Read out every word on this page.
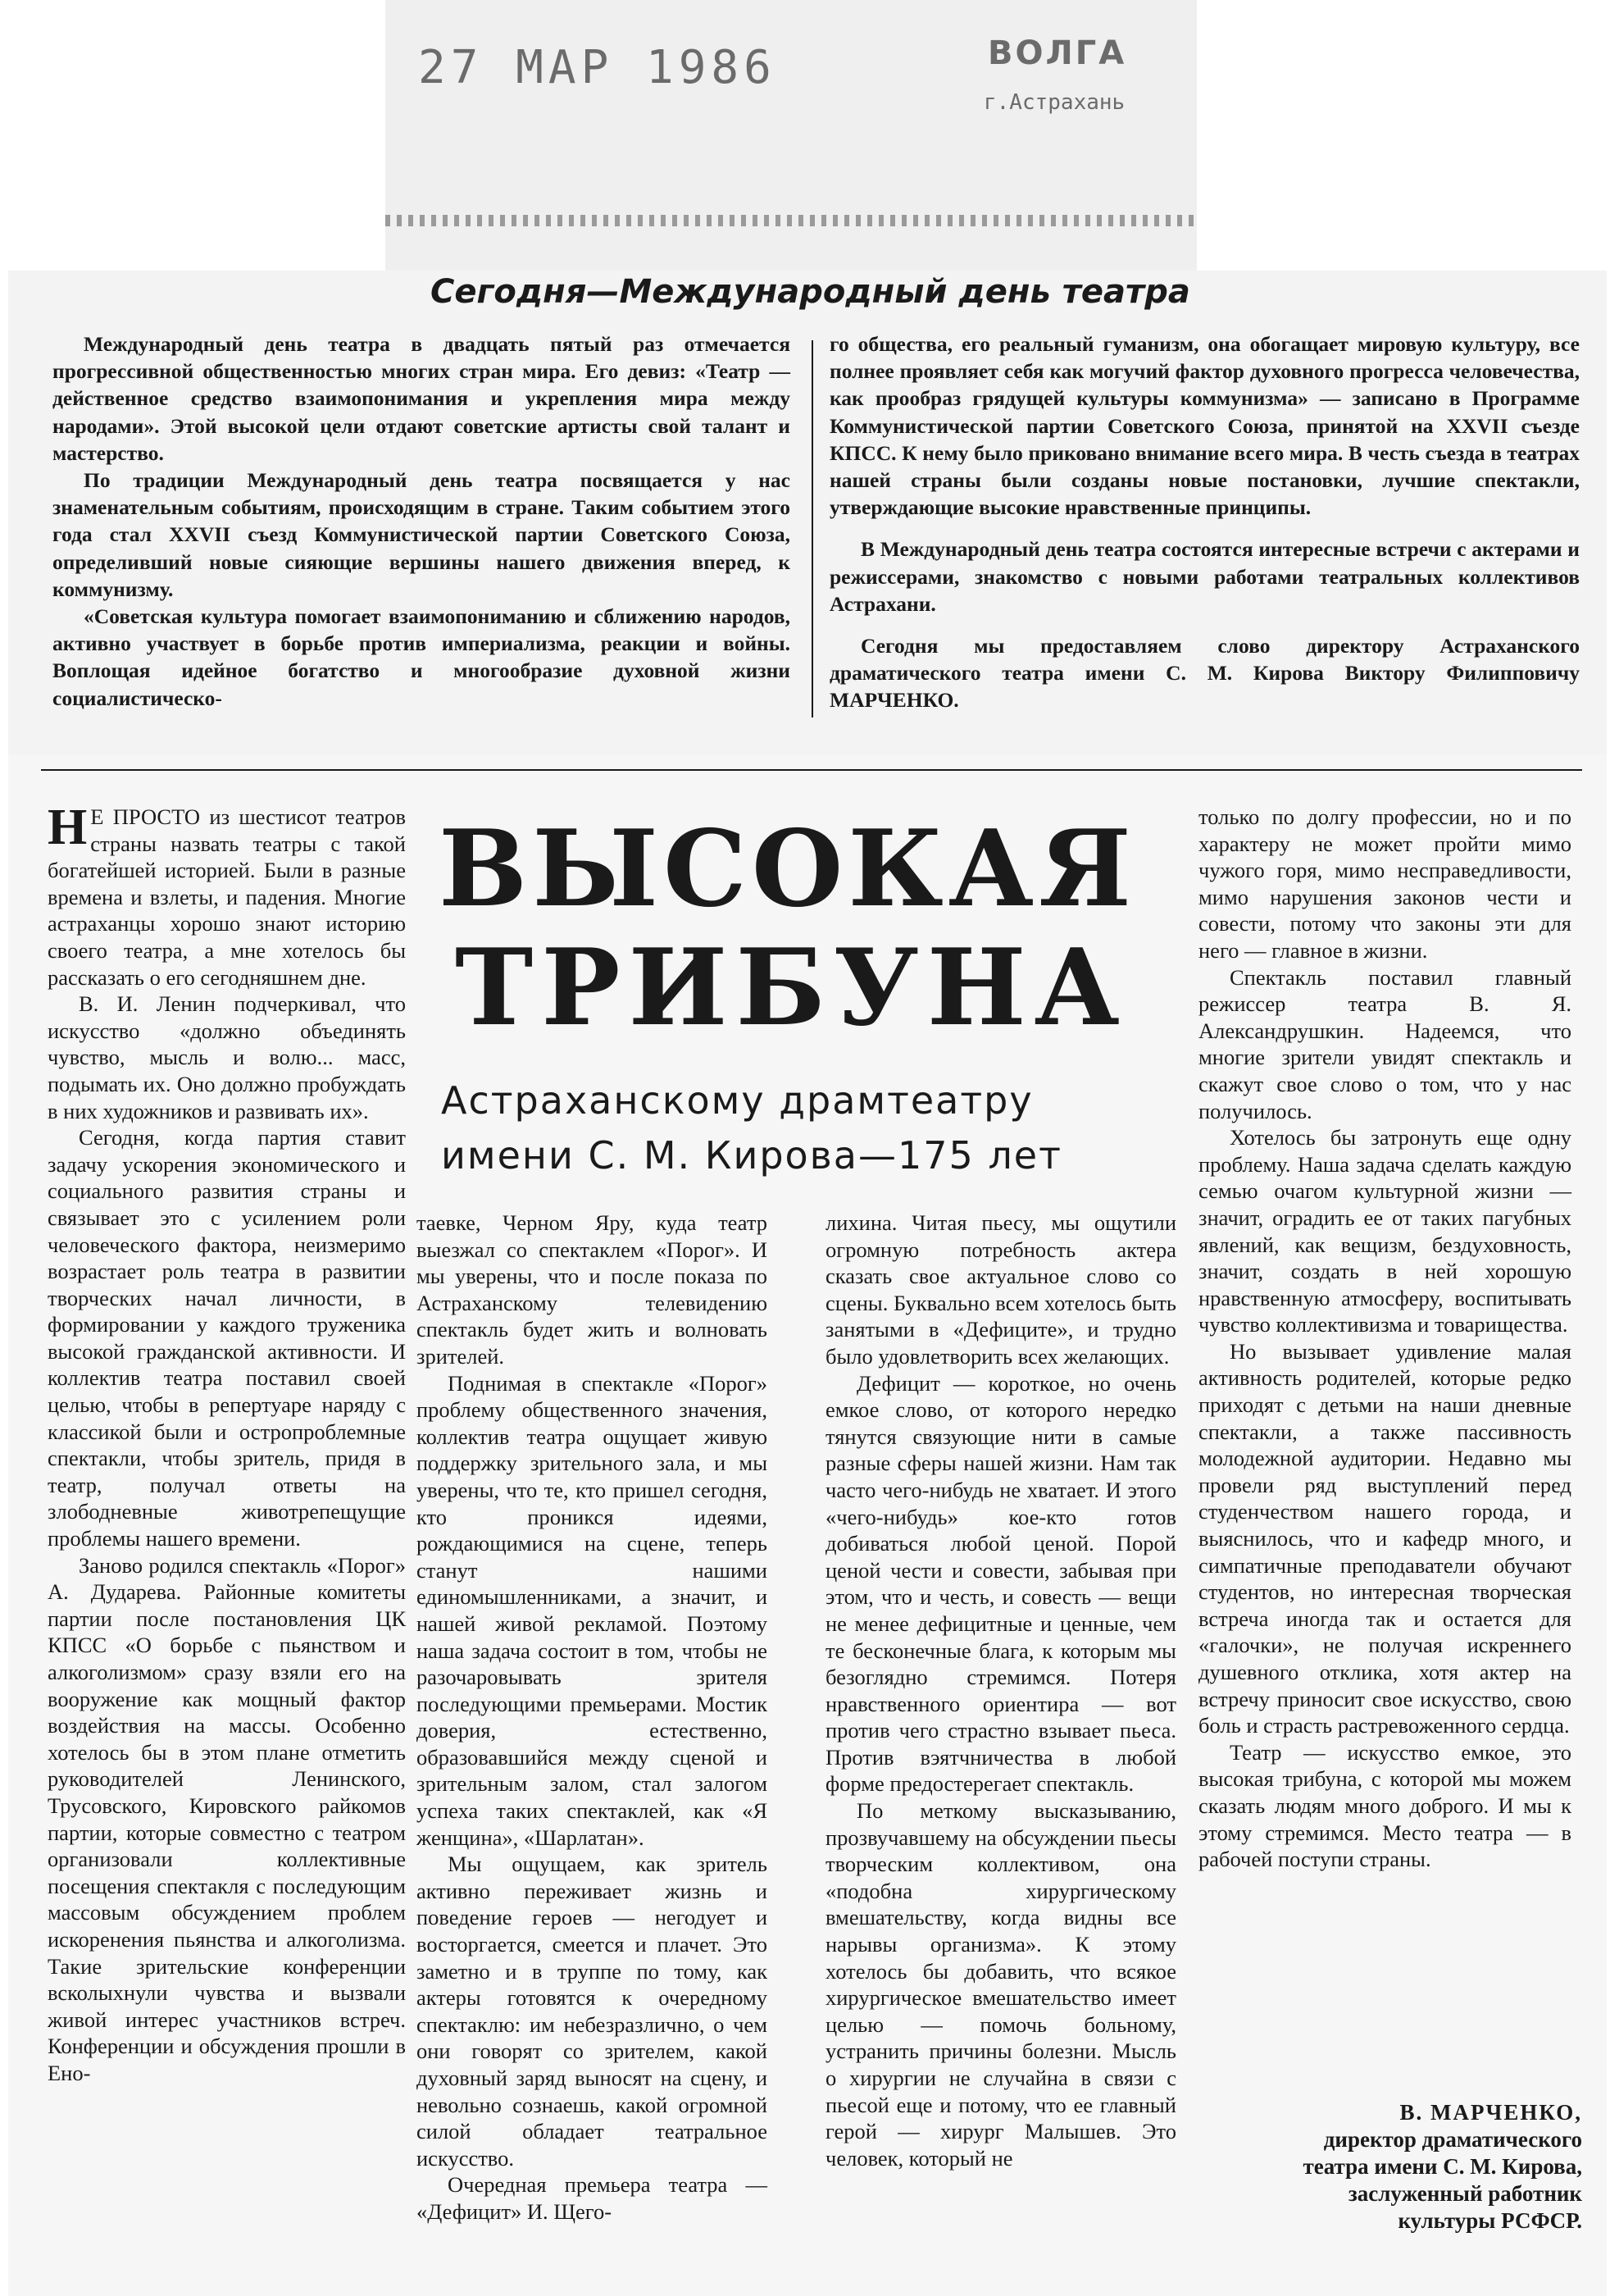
27 МАР 1986	ВОЛГА
г.Астрахань
Сегодня—Международный день театра

Международный день театра в двадцать пятый раз отмечается прогрессивной общественностью многих стран мира. Его девиз: «Театр — действенное средство взаимопонимания и укрепления мира между народами». Этой высокой цели отдают советские артисты свой талант и мастерство.

По традиции Международный день театра посвящается у нас знаменательным событиям, происходящим в стране. Таким событием этого года стал XXVII съезд Коммунистической партии Советского Союза, определивший новые сияющие вершины нашего движения вперед, к коммунизму.

«Советская культура помогает взаимопониманию и сближению народов, активно участвует в борьбе против империализма, реакции и войны. Воплощая идейное богатство и многообразие духовной жизни социалистическо-

го общества, его реальный гуманизм, она обогащает мировую культуру, все полнее проявляет себя как могучий фактор духовного прогресса человечества, как прообраз грядущей культуры коммунизма» — записано в Программе Коммунистической партии Советского Союза, принятой на XXVII съезде КПСС. К нему было приковано внимание всего мира. В честь съезда в театрах нашей страны были созданы новые постановки, лучшие спектакли, утверждающие высокие нравственные принципы.

В Международный день театра состоятся интересные встречи с актерами и режиссерами, знакомство с новыми работами театральных коллективов Астрахани.

Сегодня мы предоставляем слово директору Астраханского драматического театра имени С. М. Кирова Виктору Филипповичу МАРЧЕНКО.

ВЫСОКАЯ
ТРИБУНА
Астраханскому драмтеатру
имени С. М. Кирова—175 лет

Н Е ПРОСТО из шестисот театров страны назвать театры с такой богатейшей историей. Были в разные времена и взлеты, и падения. Многие астраханцы хорошо знают историю своего театра, а мне хотелось бы рассказать о его сегодняшнем дне.

В. И. Ленин подчеркивал, что искусство «должно объединять чувство, мысль и волю... масс, подымать их. Оно должно пробуждать в них художников и развивать их».

Сегодня, когда партия ставит задачу ускорения экономического и социального развития страны и связывает это с усилением роли человеческого фактора, неизмеримо возрастает роль театра в развитии творческих начал личности, в формировании у каждого труженика высокой гражданской активности. И коллектив театра поставил своей целью, чтобы в репертуаре наряду с классикой были и остропроблемные спектакли, чтобы зритель, придя в театр, получал ответы на злободневные животрепещущие проблемы нашего времени.

Заново родился спектакль «Порог» А. Дударева. Районные комитеты партии после постановления ЦК КПСС «О борьбе с пьянством и алкоголизмом» сразу взяли его на вооружение как мощный фактор воздействия на массы. Особенно хотелось бы в этом плане отметить руководителей Ленинского, Трусовского, Кировского райкомов партии, которые совместно с театром организовали коллективные посещения спектакля с последующим массовым обсуждением проблем искоренения пьянства и алкоголизма. Такие зрительские конференции всколыхнули чувства и вызвали живой интерес участников встреч. Конференции и обсуждения прошли в Ено-

таевке, Черном Яру, куда театр выезжал со спектаклем «Порог». И мы уверены, что и после показа по Астраханскому телевидению спектакль будет жить и волновать зрителей.

Поднимая в спектакле «Порог» проблему общественного значения, коллектив театра ощущает живую поддержку зрительного зала, и мы уверены, что те, кто пришел сегодня, кто проникся идеями, рождающимися на сцене, теперь станут нашими единомышленниками, а значит, и нашей живой рекламой. Поэтому наша задача состоит в том, чтобы не разочаровывать зрителя последующими премьерами. Мостик доверия, естественно, образовавшийся между сценой и зрительным залом, стал залогом успеха таких спектаклей, как «Я женщина», «Шарлатан».

Мы ощущаем, как зритель активно переживает жизнь и поведение героев — негодует и восторгается, смеется и плачет. Это заметно и в труппе по тому, как актеры готовятся к очередному спектаклю: им небезразлично, о чем они говорят со зрителем, какой духовный заряд выносят на сцену, и невольно сознаешь, какой огромной силой обладает театральное искусство.

Очередная премьера театра — «Дефицит» И. Щего-

лихина. Читая пьесу, мы ощутили огромную потребность актера сказать свое актуальное слово со сцены. Буквально всем хотелось быть занятыми в «Дефиците», и трудно было удовлетворить всех желающих.

Дефицит — короткое, но очень емкое слово, от которого нередко тянутся связующие нити в самые разные сферы нашей жизни. Нам так часто чего-нибудь не хватает. И этого «чего-нибудь» кое-кто готов добиваться любой ценой. Порой ценой чести и совести, забывая при этом, что и честь, и совесть — вещи не менее дефицитные и ценные, чем те бесконечные блага, к которым мы безоглядно стремимся. Потеря нравственного ориентира — вот против чего страстно взывает пьеса. Против вэятчничества в любой форме предостерегает спектакль.

По меткому высказыванию, прозвучавшему на обсуждении пьесы творческим коллективом, она «подобна хирургическому вмешательству, когда видны все нарывы организма». К этому хотелось бы добавить, что всякое хирургическое вмешательство имеет целью — помочь больному, устранить причины болезни. Мысль о хирургии не случайна в связи с пьесой еще и потому, что ее главный герой — хирург Малышев. Это человек, который не

только по долгу профессии, но и по характеру не может пройти мимо чужого горя, мимо несправедливости, мимо нарушения законов чести и совести, потому что законы эти для него — главное в жизни.

Спектакль поставил главный режиссер театра В. Я. Александрушкин. Надеемся, что многие зрители увидят спектакль и скажут свое слово о том, что у нас получилось.

Хотелось бы затронуть еще одну проблему. Наша задача сделать каждую семью очагом культурной жизни — значит, оградить ее от таких пагубных явлений, как вещизм, бездуховность, значит, создать в ней хорошую нравственную атмосферу, воспитывать чувство коллективизма и товарищества.

Но вызывает удивление малая активность родителей, которые редко приходят с детьми на наши дневные спектакли, а также пассивность молодежной аудитории. Недавно мы провели ряд выступлений перед студенчеством нашего города, и выяснилось, что и кафедр много, и симпатичные преподаватели обучают студентов, но интересная творческая встреча иногда так и остается для «галочки», не получая искреннего душевного отклика, хотя актер на встречу приносит свое искусство, свою боль и страсть растревоженного сердца.

Театр — искусство емкое, это высокая трибуна, с которой мы можем сказать людям много доброго. И мы к этому стремимся. Место театра — в рабочей поступи страны.

В. МАРЧЕНКО,
директор драматического
театра имени С. М. Кирова,
заслуженный работник
культуры РСФСР.
